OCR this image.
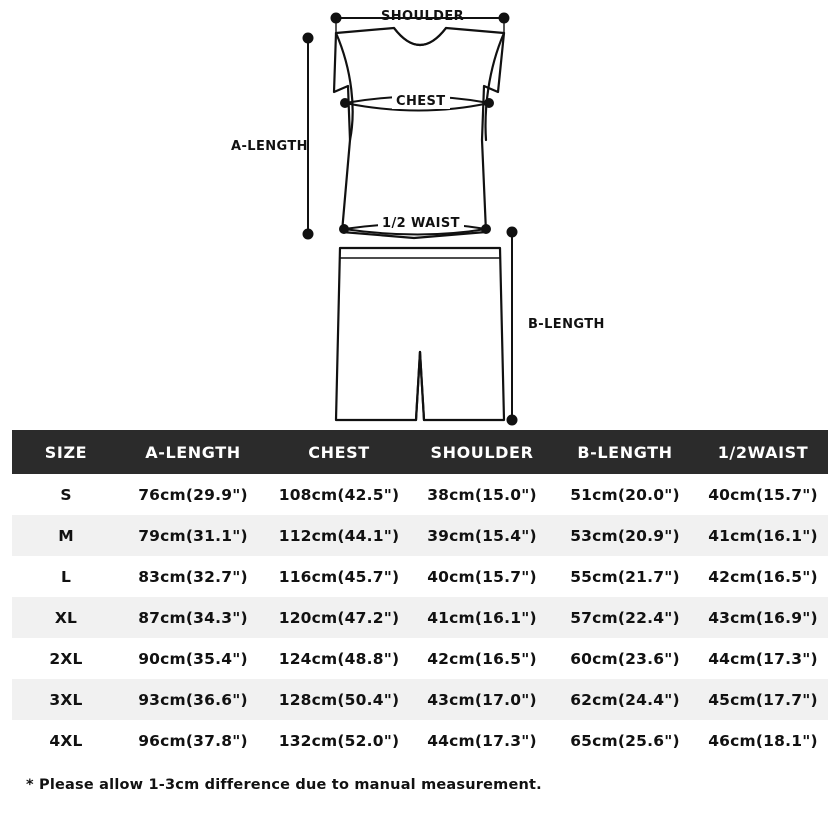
SHOULDER
CHEST
A-LENGTH
1/2 WAIST
B-LENGTH
SIZE	A-LENGTH	CHEST	SHOULDER	B-LENGTH	1/2WAIST
S	76cm(29.9")	108cm(42.5")	38cm(15.0")	51cm(20.0")	40cm(15.7")
M	79cm(31.1")	112cm(44.1")	39cm(15.4")	53cm(20.9")	41cm(16.1")
L	83cm(32.7")	116cm(45.7")	40cm(15.7")	55cm(21.7")	42cm(16.5")
XL	87cm(34.3")	120cm(47.2")	41cm(16.1")	57cm(22.4")	43cm(16.9")
2XL	90cm(35.4")	124cm(48.8")	42cm(16.5")	60cm(23.6")	44cm(17.3")
3XL	93cm(36.6")	128cm(50.4")	43cm(17.0")	62cm(24.4")	45cm(17.7")
4XL	96cm(37.8")	132cm(52.0")	44cm(17.3")	65cm(25.6")	46cm(18.1")
* Please allow 1-3cm difference due to manual measurement.
